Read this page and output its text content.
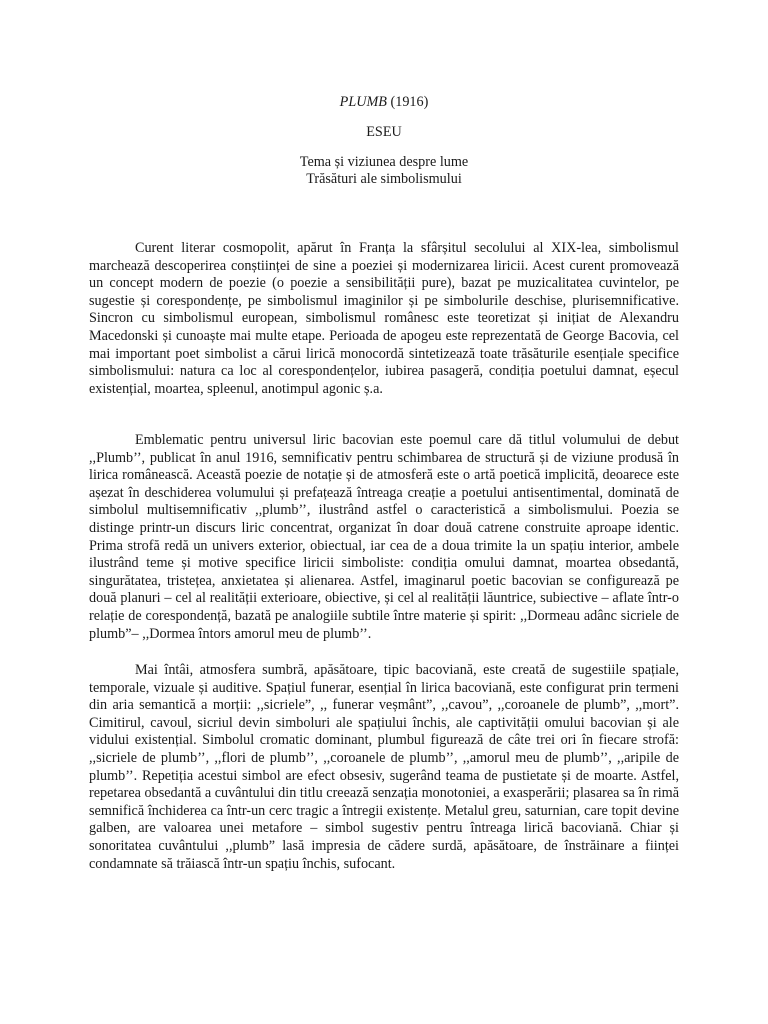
PLUMB (1916)
ESEU
Tema și viziunea despre lume
Trăsături ale simbolismului

Curent literar cosmopolit, apărut în Franța la sfârșitul secolului al XIX-lea, simbolismul marchează descoperirea conștiinței de sine a poeziei și modernizarea liricii. Acest curent promovează un concept modern de poezie (o poezie a sensibilității pure), bazat pe muzicalitatea cuvintelor, pe sugestie și corespondențe, pe simbolismul imaginilor și pe simbolurile deschise, plurisemnificative. Sincron cu simbolismul european, simbolismul românesc este teoretizat și inițiat de Alexandru Macedonski și cunoaște mai multe etape. Perioada de apogeu este reprezentată de George Bacovia, cel mai important poet simbolist a cărui lirică monocordă sintetizează toate trăsăturile esențiale specifice simbolismului: natura ca loc al corespondențelor, iubirea pasageră, condiția poetului damnat, eșecul existențial, moartea, spleenul, anotimpul agonic ș.a.

Emblematic pentru universul liric bacovian este poemul care dă titlul volumului de debut ,,Plumb’’, publicat în anul 1916, semnificativ pentru schimbarea de structură și de viziune produsă în lirica românească. Această poezie de notație și de atmosferă este o artă poetică implicită, deoarece este așezat în deschiderea volumului și prefațează întreaga creație a poetului antisentimental, dominată de simbolul multisemnificativ ,,plumb’’, ilustrând astfel o caracteristică a simbolismului. Poezia se distinge printr-un discurs liric concentrat, organizat în doar două catrene construite aproape identic. Prima strofă redă un univers exterior, obiectual, iar cea de a doua trimite la un spațiu interior, ambele ilustrând teme și motive specifice liricii simboliste: condiția omului damnat, moartea obsedantă, singurătatea, tristețea, anxietatea și alienarea. Astfel, imaginarul poetic bacovian se configurează pe două planuri – cel al realității exterioare, obiective, și cel al realității lăuntrice, subiective – aflate într-o relație de corespondență, bazată pe analogiile subtile între materie și spirit: ,,Dormeau adânc sicriele de plumb”– ,,Dormea întors amorul meu de plumb’’.

Mai întâi, atmosfera sumbră, apăsătoare, tipic bacoviană, este creată de sugestiile spațiale, temporale, vizuale și auditive. Spațiul funerar, esențial în lirica bacoviană, este configurat prin termeni din aria semantică a morții: ,,sicriele”, ,, funerar veșmânt”, ,,cavou”, ,,coroanele de plumb”, ,,mort”. Cimitirul, cavoul, sicriul devin simboluri ale spațiului închis, ale captivității omului bacovian și ale vidului existențial. Simbolul cromatic dominant, plumbul figurează de câte trei ori în fiecare strofă: ,,sicriele de plumb’’, ,,flori de plumb’’, ,,coroanele de plumb’’, ,,amorul meu de plumb’’, ,,aripile de plumb’’. Repetiția acestui simbol are efect obsesiv, sugerând teama de pustietate și de moarte. Astfel, repetarea obsedantă a cuvântului din titlu creează senzația monotoniei, a exasperării; plasarea sa în rimă semnifică închiderea ca într-un cerc tragic a întregii existențe. Metalul greu, saturnian, care topit devine galben, are valoarea unei metafore – simbol sugestiv pentru întreaga lirică bacoviană. Chiar și sonoritatea cuvântului ,,plumb” lasă impresia de cădere surdă, apăsătoare, de înstrăinare a ființei condamnate să trăiască într-un spațiu închis, sufocant.
